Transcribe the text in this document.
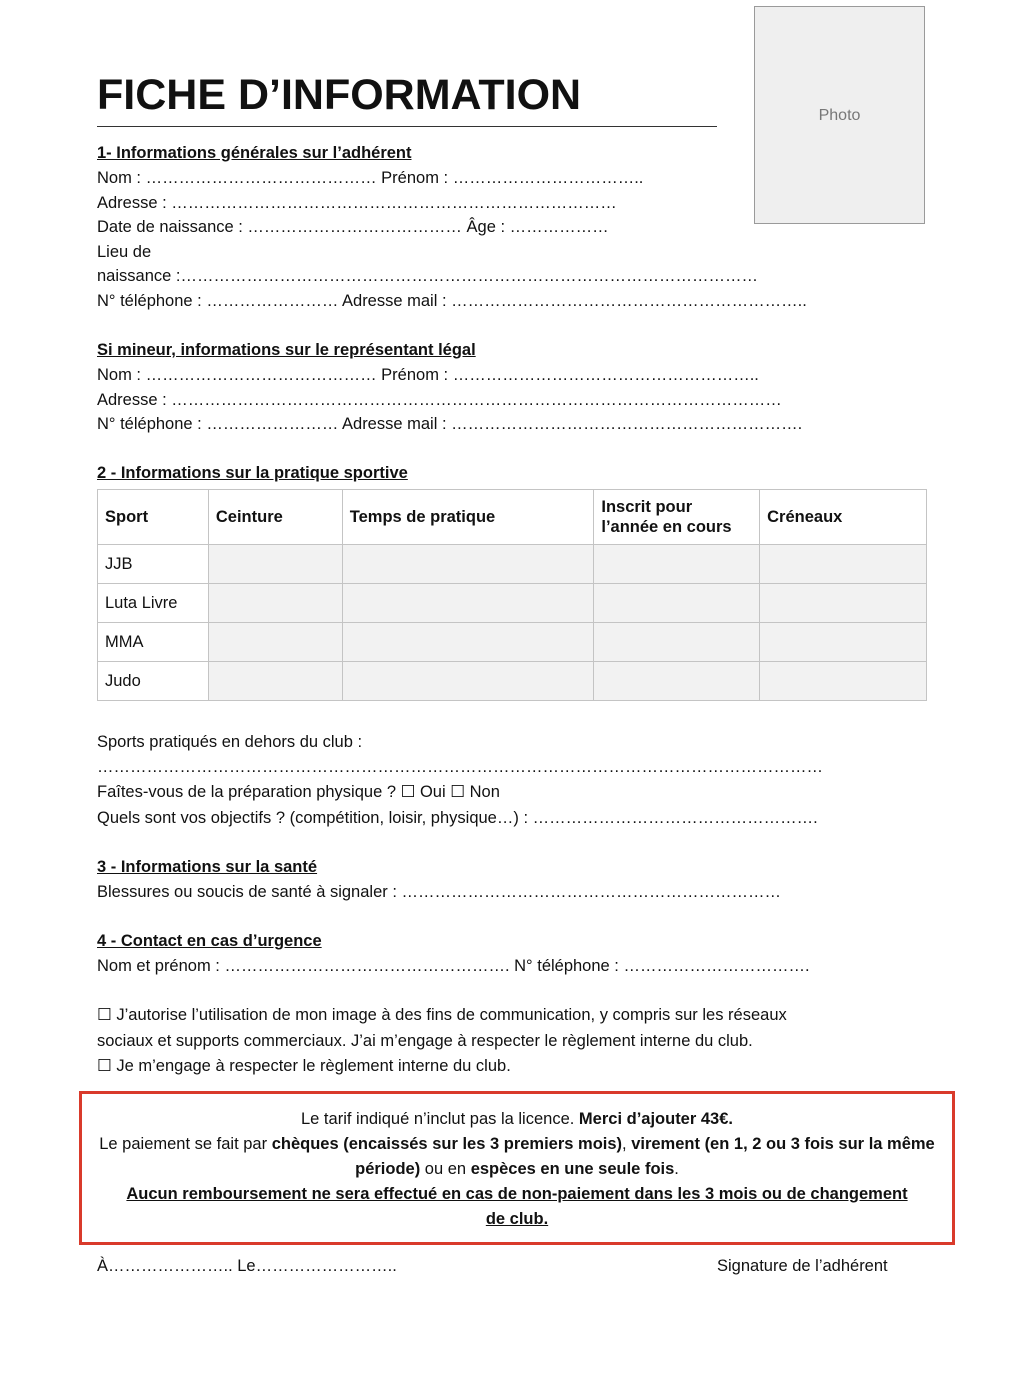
FICHE D’INFORMATION	Photo
1- Informations générales sur l’adhérent
Nom : …………………………………… Prénom : ……………………………..
Adresse : ………………………………………………………………………
Date de naissance : ………………………………… Âge : ………………
Lieu de
naissance :……………………………………………………………………………………………
N° téléphone : …………………… Adresse mail : ………………………………………………………..
Si mineur, informations sur le représentant légal
Nom : …………………………………… Prénom : ………………………………………………..
Adresse : …………………………………………………………………………………………………
N° téléphone : …………………… Adresse mail : ……………………………………………………….
2 - Informations sur la pratique sportive
Sport	Ceinture	Temps de pratique	Inscrit pour l’année en cours	Créneaux
JJB				
Luta Livre				
MMA				
Judo				
Sports pratiqués en dehors du club :
……………………………………………………………………………………………………………………
Faîtes-vous de la préparation physique ? ☐ Oui ☐ Non
Quels sont vos objectifs ? (compétition, loisir, physique…) : …………………………………………….
3 - Informations sur la santé
Blessures ou soucis de santé à signaler : ……………………………………………………………
4 - Contact en cas d’urgence
Nom et prénom : ……………………………………………. N° téléphone : …………………………….
☐ J’autorise l’utilisation de mon image à des fins de communication, y compris sur les réseaux
sociaux et supports commerciaux. J’ai m’engage à respecter le règlement interne du club.
☐ Je m’engage à respecter le règlement interne du club.
Le tarif indiqué n’inclut pas la licence. Merci d’ajouter 43€.
Le paiement se fait par chèques (encaissés sur les 3 premiers mois), virement (en 1, 2 ou 3 fois sur la même période) ou en espèces en une seule fois.
Aucun remboursement ne sera effectué en cas de non-paiement dans les 3 mois ou de changement de club.
À………………….. Le……………………..	Signature de l’adhérent
